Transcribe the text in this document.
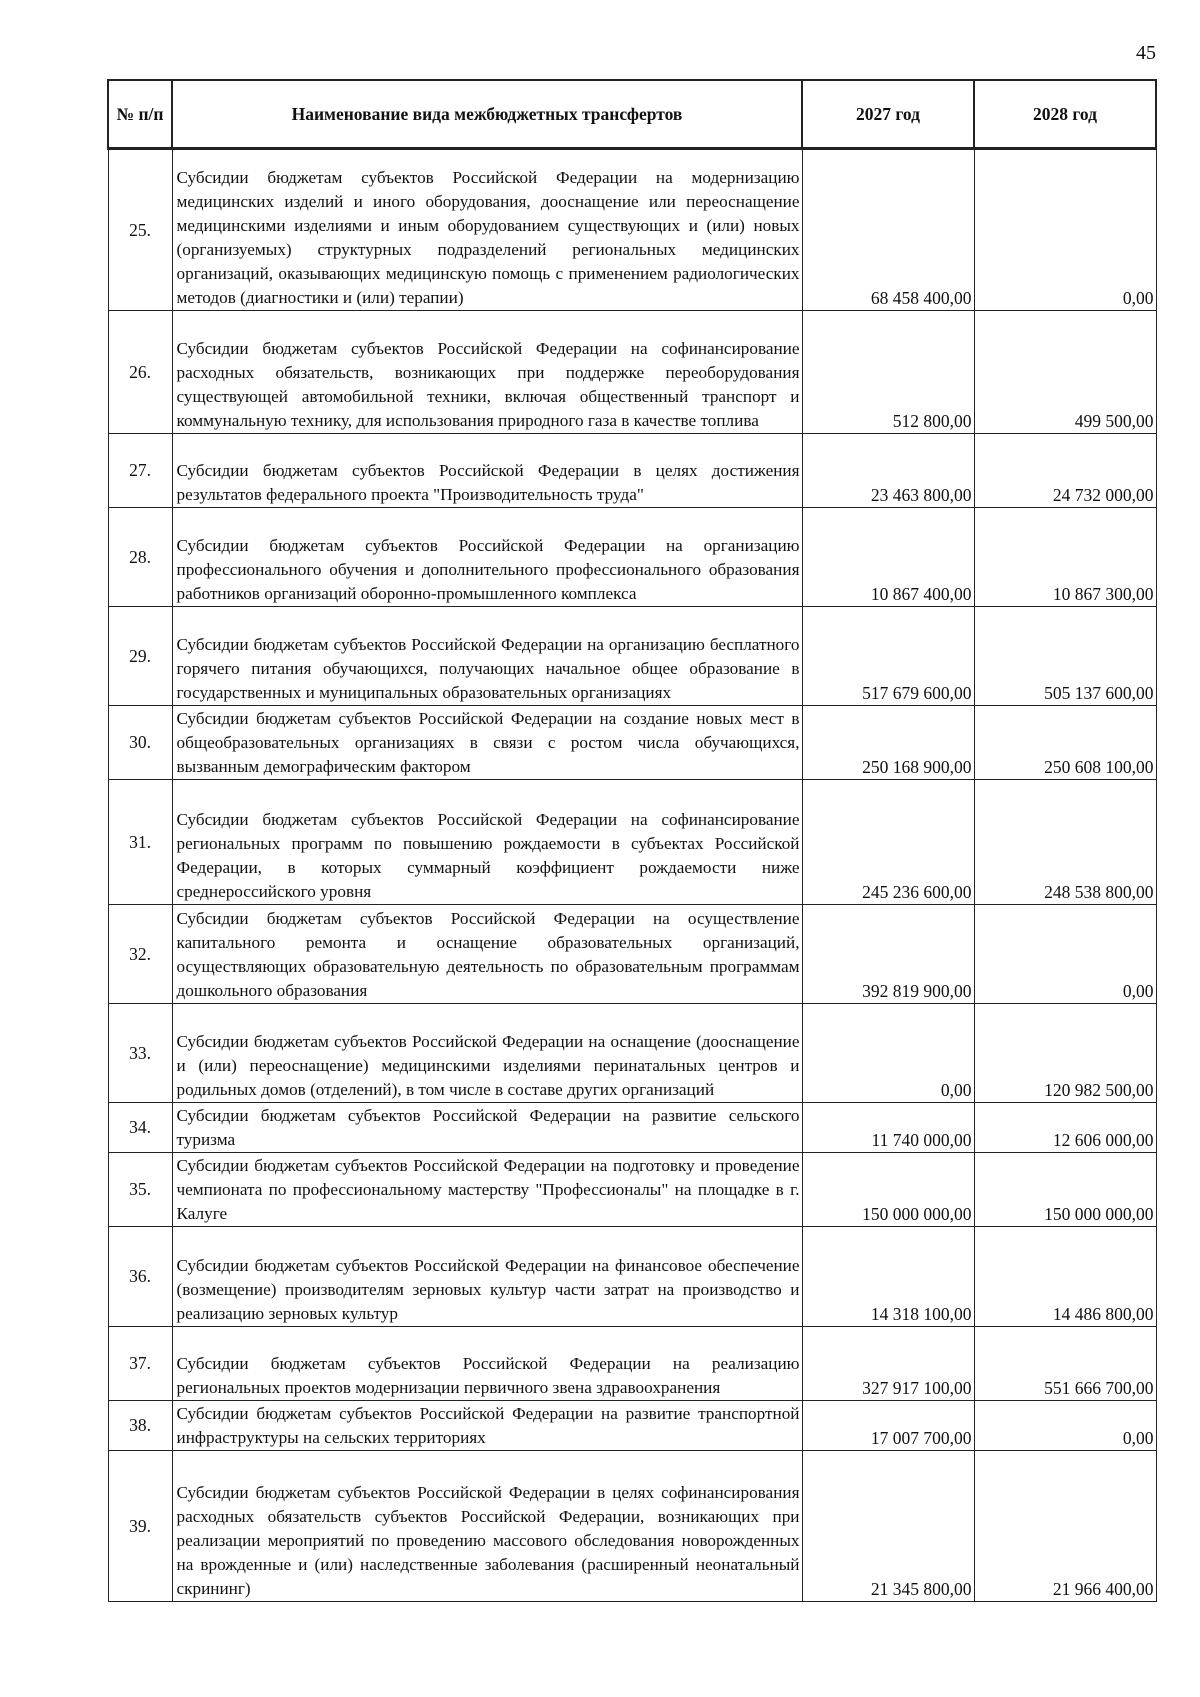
45
№ п/п	Наименование вида межбюджетных трансфертов	2027 год	2028 год
25.	Субсидии бюджетам субъектов Российской Федерации на модернизацию медицинских изделий и иного оборудования, дооснащение или переоснащение медицинскими изделиями и иным оборудованием существующих и (или) новых (организуемых) структурных подразделений региональных медицинских организаций, оказывающих медицинскую помощь с применением радиологических методов (диагностики и (или) терапии)	68 458 400,00	0,00
26.	Субсидии бюджетам субъектов Российской Федерации на софинансирование расходных обязательств, возникающих при поддержке переоборудования существующей автомобильной техники, включая общественный транспорт и коммунальную технику, для использования природного газа в качестве топлива	512 800,00	499 500,00
27.	Субсидии бюджетам субъектов Российской Федерации в целях достижения результатов федерального проекта "Производительность труда"	23 463 800,00	24 732 000,00
28.	Субсидии бюджетам субъектов Российской Федерации на организацию профессионального обучения и дополнительного профессионального образования работников организаций оборонно-промышленного комплекса	10 867 400,00	10 867 300,00
29.	Субсидии бюджетам субъектов Российской Федерации на организацию бесплатного горячего питания обучающихся, получающих начальное общее образование в государственных и муниципальных образовательных организациях	517 679 600,00	505 137 600,00
30.	Субсидии бюджетам субъектов Российской Федерации на создание новых мест в общеобразовательных организациях в связи с ростом числа обучающихся, вызванным демографическим фактором	250 168 900,00	250 608 100,00
31.	Субсидии бюджетам субъектов Российской Федерации на софинансирование региональных программ по повышению рождаемости в субъектах Российской Федерации, в которых суммарный коэффициент рождаемости ниже среднероссийского уровня	245 236 600,00	248 538 800,00
32.	Субсидии бюджетам субъектов Российской Федерации на осуществление капитального ремонта и оснащение образовательных организаций, осуществляющих образовательную деятельность по образовательным программам дошкольного образования	392 819 900,00	0,00
33.	Субсидии бюджетам субъектов Российской Федерации на оснащение (дооснащение и (или) переоснащение) медицинскими изделиями перинатальных центров и родильных домов (отделений), в том числе в составе других организаций	0,00	120 982 500,00
34.	Субсидии бюджетам субъектов Российской Федерации на развитие сельского туризма	11 740 000,00	12 606 000,00
35.	Субсидии бюджетам субъектов Российской Федерации на подготовку и проведение чемпионата по профессиональному мастерству "Профессионалы" на площадке в г. Калуге	150 000 000,00	150 000 000,00
36.	Субсидии бюджетам субъектов Российской Федерации на финансовое обеспечение (возмещение) производителям зерновых культур части затрат на производство и реализацию зерновых культур	14 318 100,00	14 486 800,00
37.	Субсидии бюджетам субъектов Российской Федерации на реализацию региональных проектов модернизации первичного звена здравоохранения	327 917 100,00	551 666 700,00
38.	Субсидии бюджетам субъектов Российской Федерации на развитие транспортной инфраструктуры на сельских территориях	17 007 700,00	0,00
39.	Субсидии бюджетам субъектов Российской Федерации в целях софинансирования расходных обязательств субъектов Российской Федерации, возникающих при реализации мероприятий по проведению массового обследования новорожденных на врожденные и (или) наследственные заболевания (расширенный неонатальный скрининг)	21 345 800,00	21 966 400,00
